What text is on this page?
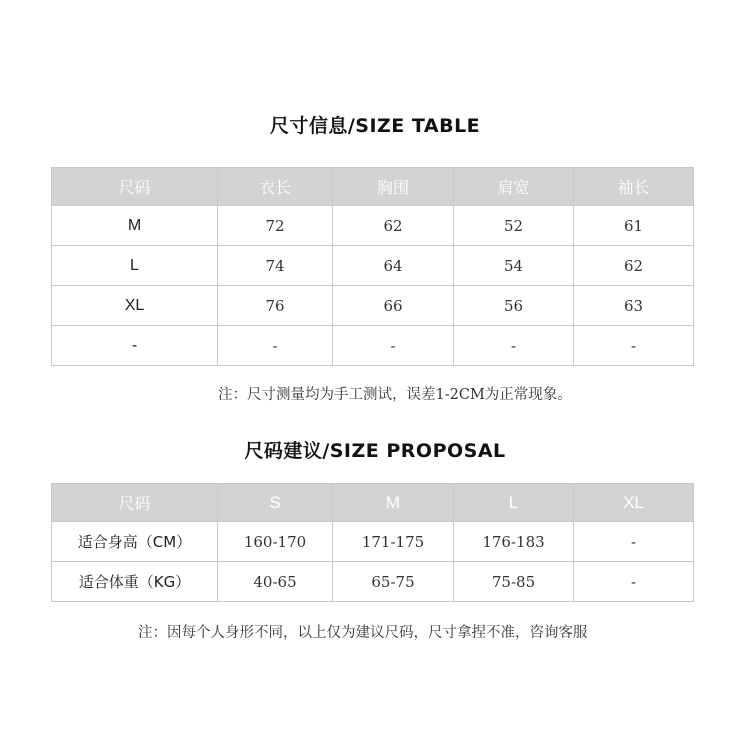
尺寸信息/SIZE TABLE
尺码	衣长	胸围	肩宽	袖长
M	72	62	52	61
L	74	64	54	62
XL	76	66	56	63
-	-	-	-	-
注：尺寸测量均为手工测试，误差1-2CM为正常现象。
尺码建议/SIZE PROPOSAL
尺码	S	M	L	XL
适合身高（CM）	160-170	171-175	176-183	-
适合体重（KG）	40-65	65-75	75-85	-
注：因每个人身形不同，以上仅为建议尺码，尺寸拿捏不准，咨询客服
